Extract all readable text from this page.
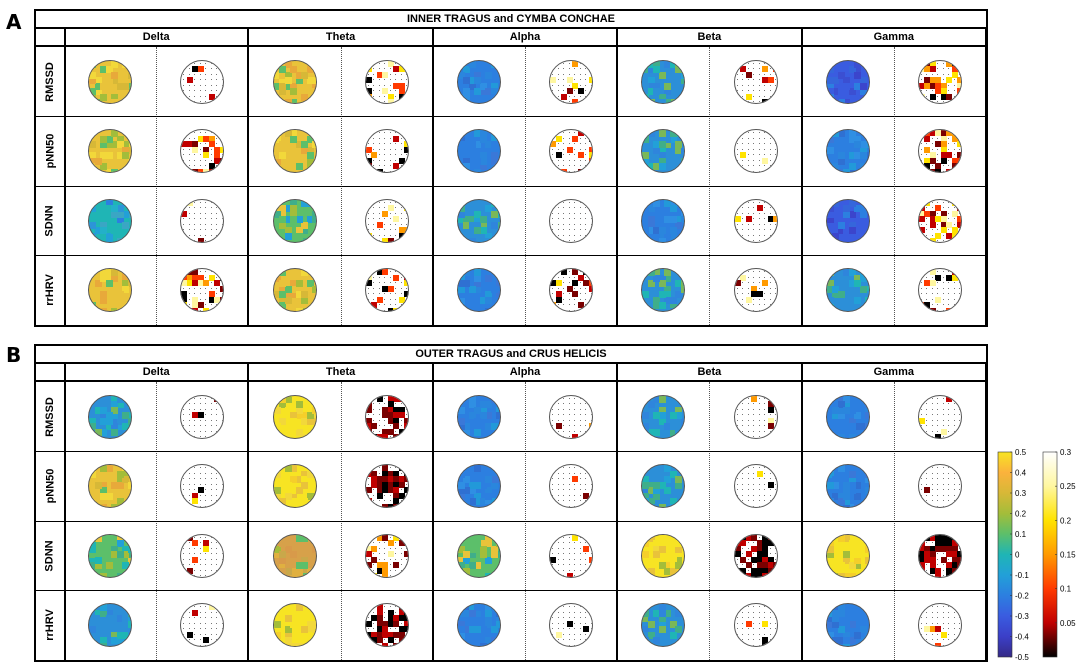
A	INNER TRAGUS and CYMBA CONCHAE
Delta	Theta	Alpha	Beta	Gamma
RMSSD
pNN50
SDNN
rrHRV
B	OUTER TRAGUS and CRUS HELICIS
Delta	Theta	Alpha	Beta	Gamma
RMSSD
pNN50
SDNN
rrHRV
0.5
0.4
0.3
0.2
0.1
0
-0.1
-0.2
-0.3
-0.4
-0.5
0.3
0.25
0.2
0.15
0.1
0.05
